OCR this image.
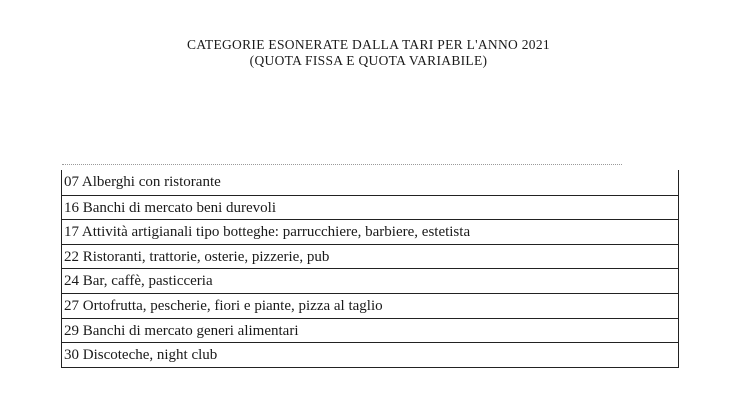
CATEGORIE ESONERATE DALLA TARI PER L'ANNO 2021
(QUOTA FISSA E QUOTA VARIABILE)
07 Alberghi con ristorante
16 Banchi di mercato beni durevoli
17 Attività artigianali tipo botteghe: parrucchiere, barbiere, estetista
22 Ristoranti, trattorie, osterie, pizzerie, pub
24 Bar, caffè, pasticceria
27 Ortofrutta, pescherie, fiori e piante, pizza al taglio
29 Banchi di mercato generi alimentari
30 Discoteche, night club
